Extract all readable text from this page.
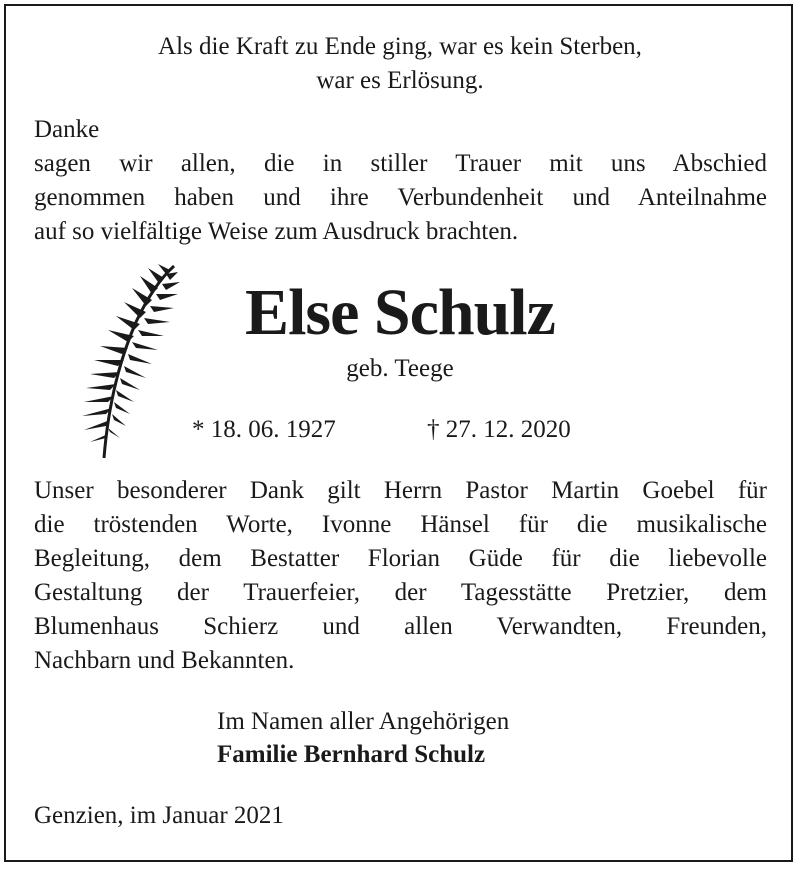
Als die Kraft zu Ende ging, war es kein Sterben,
war es Erlösung.
Danke
sagen wir allen, die in stiller Trauer mit uns Abschied
genommen haben und ihre Verbundenheit und Anteilnahme
auf so vielfältige Weise zum Ausdruck brachten.
Else Schulz
geb. Teege
* 18. 06. 1927	† 27. 12. 2020
Unser besonderer Dank gilt Herrn Pastor Martin Goebel für
die tröstenden Worte, Ivonne Hänsel für die musikalische
Begleitung, dem Bestatter Florian Güde für die liebevolle
Gestaltung der Trauerfeier, der Tagesstätte Pretzier, dem
Blumenhaus Schierz und allen Verwandten, Freunden,
Nachbarn und Bekannten.
Im Namen aller Angehörigen
Familie Bernhard Schulz
Genzien, im Januar 2021
